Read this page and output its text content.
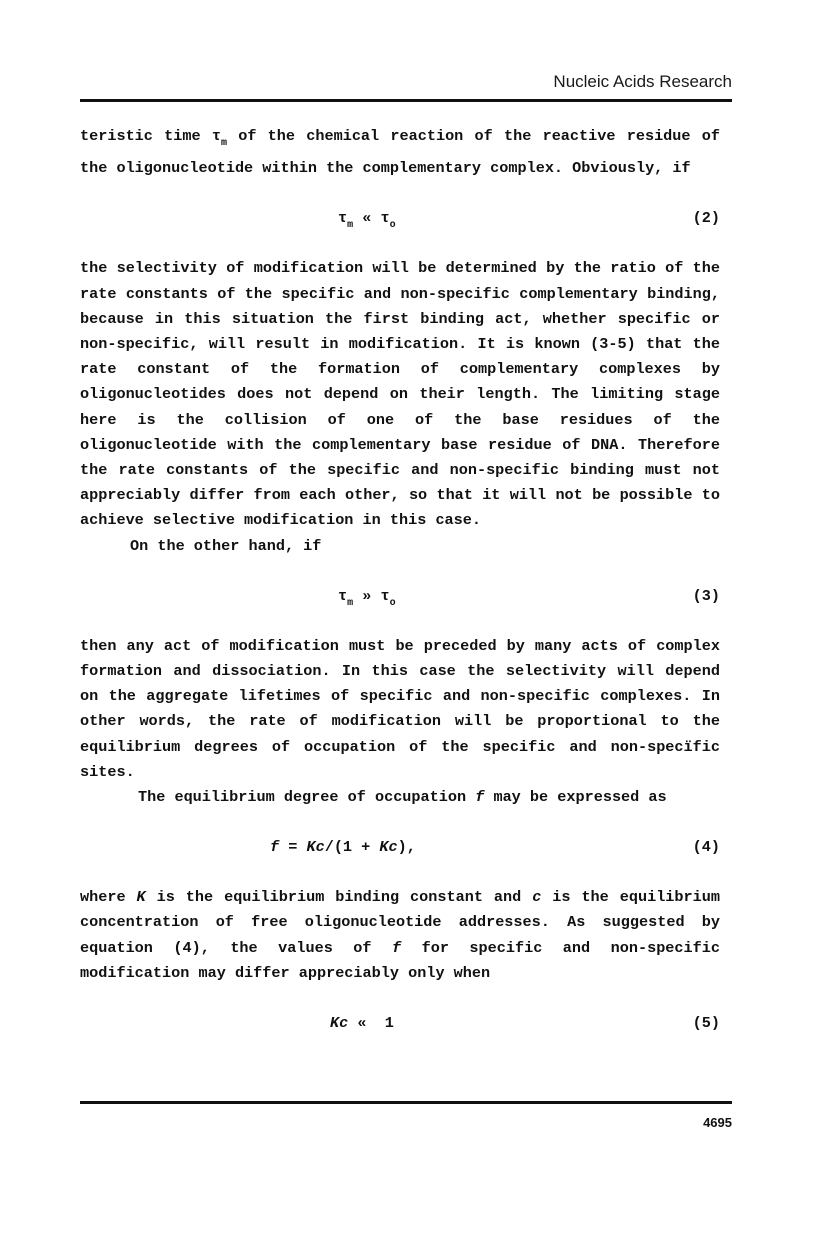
Nucleic Acids Research

teristic time $\tau_m$ of the chemical reaction of the reactive residue of the oligonucleotide within the complementary complex. Obviously, if

$\tau_m$ « $\tau_o$	(2)

the selectivity of modification will be determined by the ratio of the rate constants of the specific and non-specific complementary binding, because in this situation the first binding act, whether specific or non-specific, will result in modification. It is known (3-5) that the rate constant of the formation of complementary complexes by oligonucleotides does not depend on their length. The limiting stage here is the collision of one of the base residues of the oligonucleotide with the complementary base residue of DNA. Therefore the rate constants of the specific and non-specific binding must not appreciably differ from each other, so that it will not be possible to achieve selective modification in this case.

On the other hand, if

$\tau_m$ » $\tau_o$	(3)

then any act of modification must be preceded by many acts of complex formation and dissociation. In this case the selectivity will depend on the aggregate lifetimes of specific and non-specific complexes. In other words, the rate of modification will be proportional to the equilibrium degrees of occupation of the specific and non-specïfic sites.

The equilibrium degree of occupation f may be expressed as

f = Kc/(1 + Kc),	(4)

where K is the equilibrium binding constant and c is the equilibrium concentration of free oligonucleotide addresses. As suggested by equation (4), the values of f for specific and non-specific modification may differ appreciably only when

Kc «  1	(5)
4695
